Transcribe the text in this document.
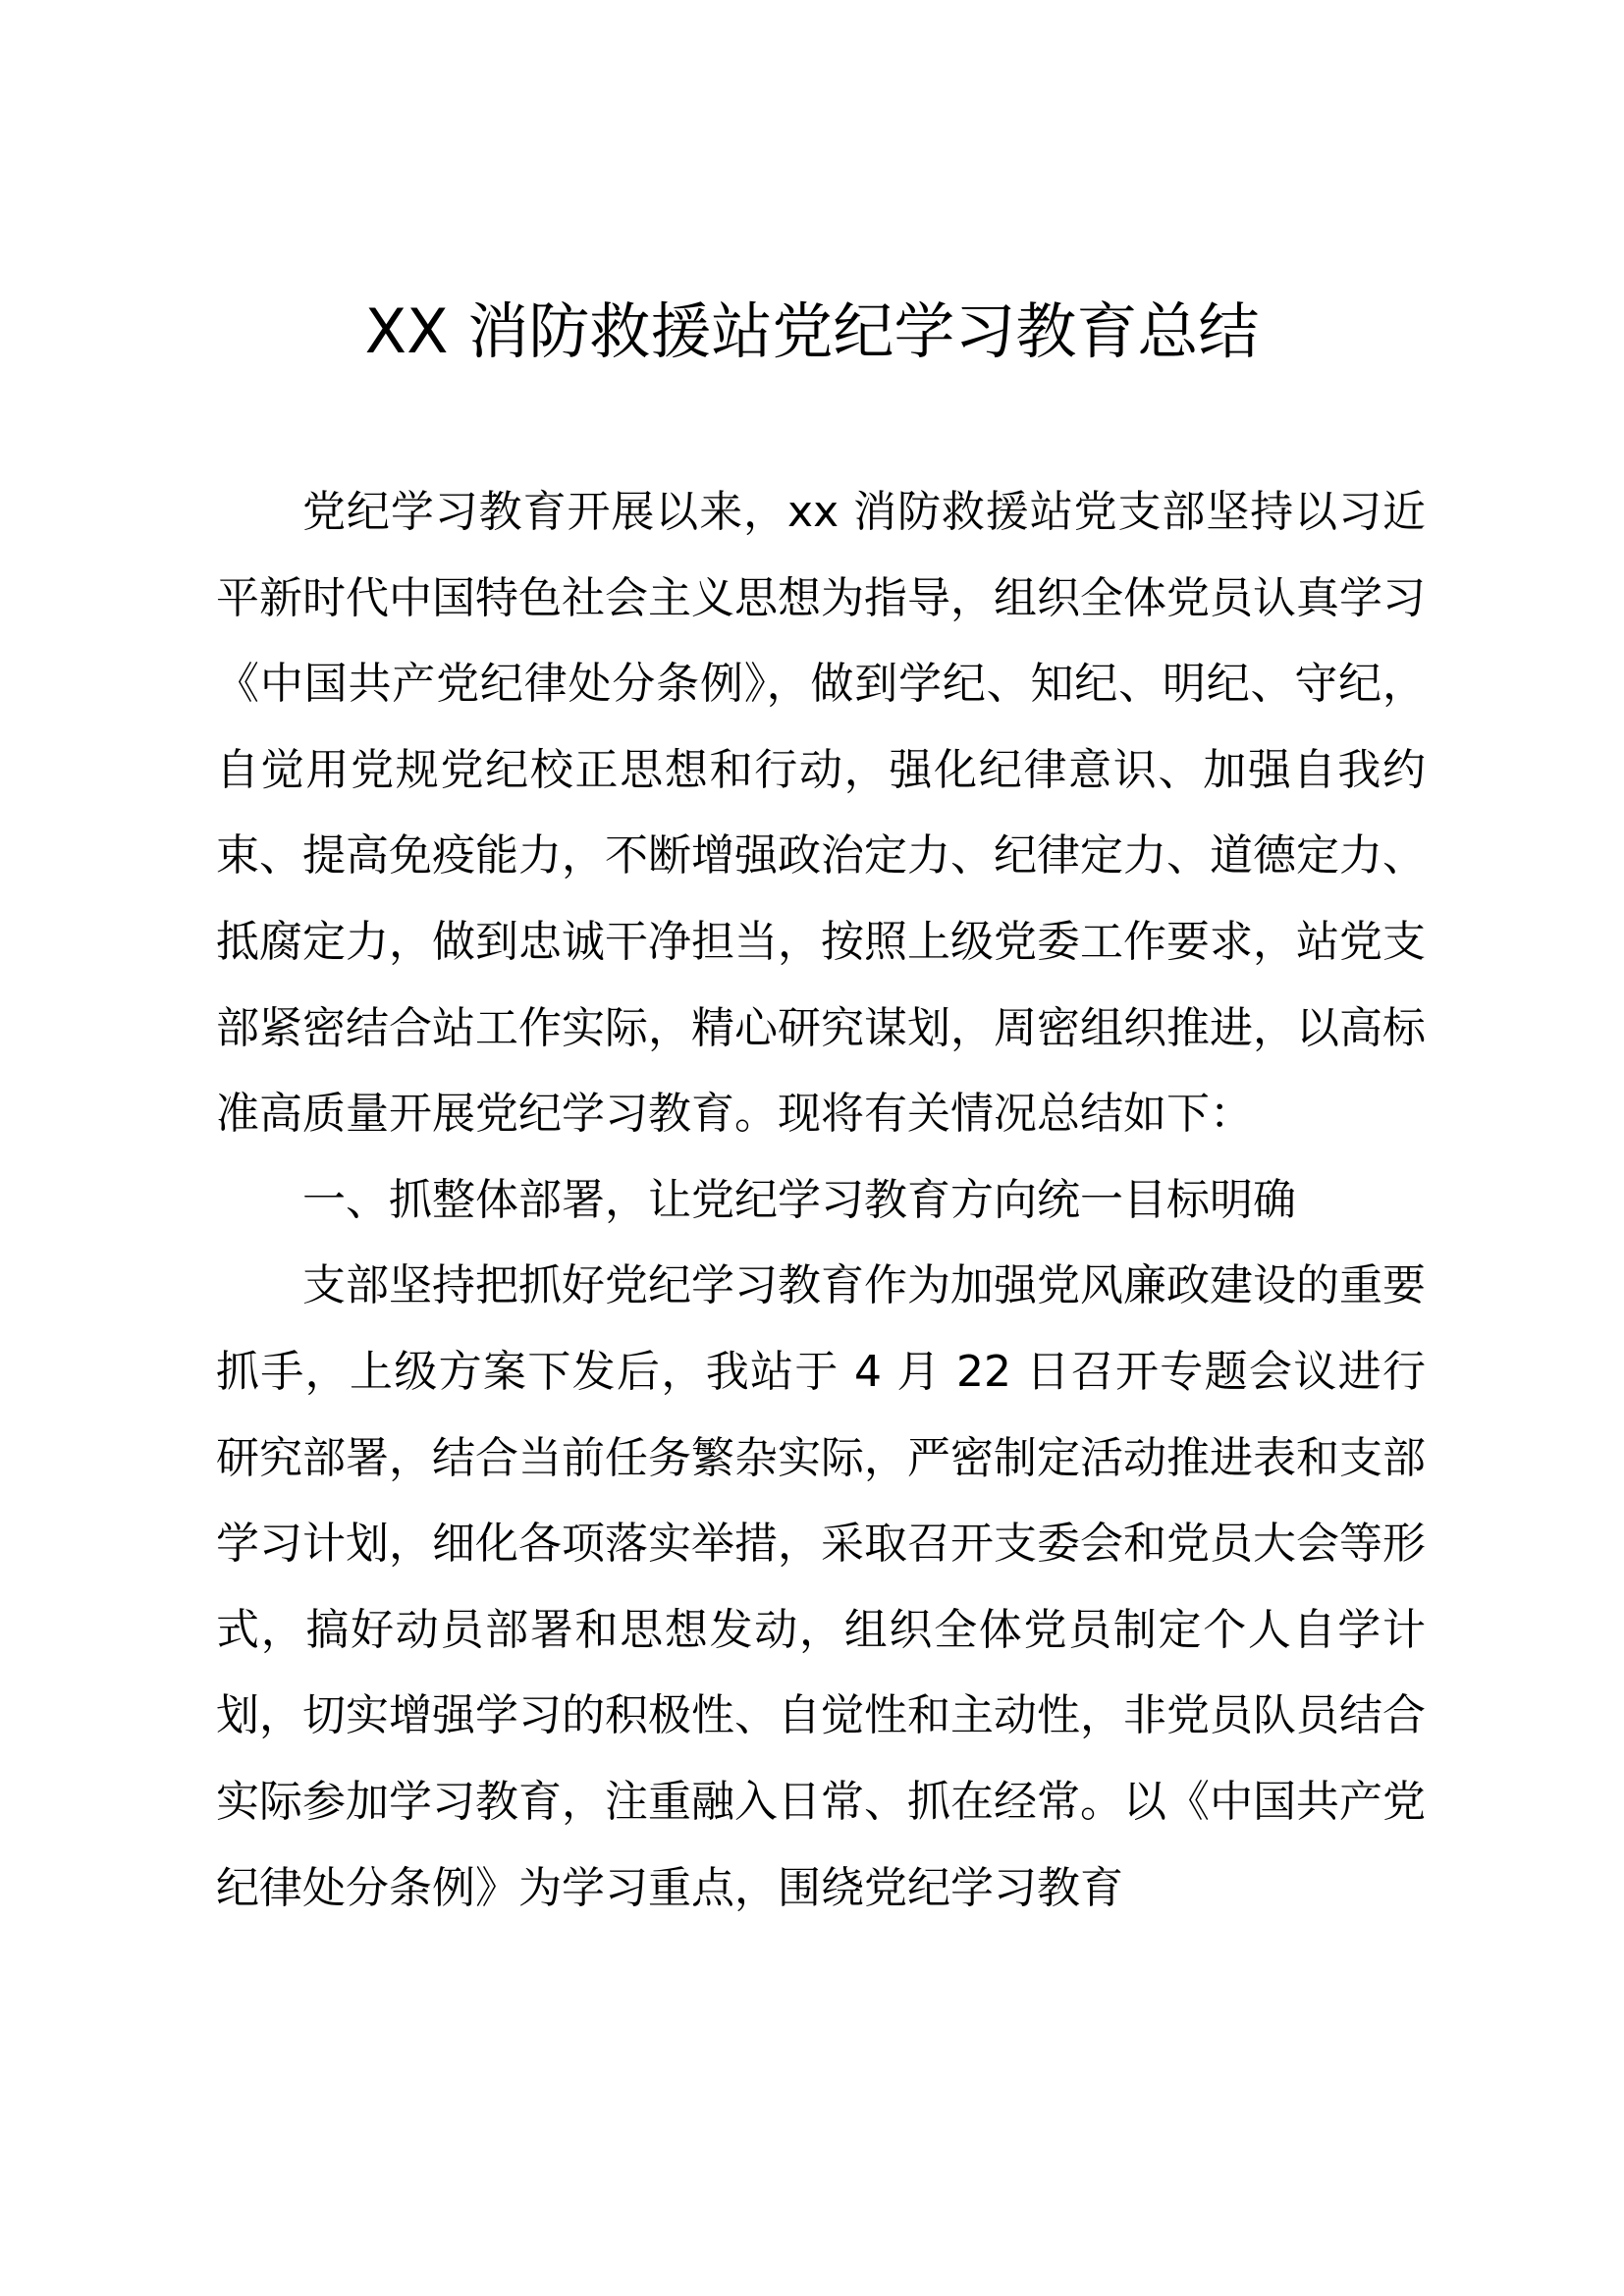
XX 消防救援站党纪学习教育总结

党纪学习教育开展以来，xx 消防救援站党支部坚持以习近平新时代中国特色社会主义思想为指导，组织全体党员认真学习《中国共产党纪律处分条例》，做到学纪、知纪、明纪、守纪，自觉用党规党纪校正思想和行动，强化纪律意识、加强自我约束、提高免疫能力，不断增强政治定力、纪律定力、道德定力、抵腐定力，做到忠诚干净担当，按照上级党委工作要求，站党支部紧密结合站工作实际，精心研究谋划，周密组织推进，以高标准高质量开展党纪学习教育。现将有关情况总结如下：

一、抓整体部署，让党纪学习教育方向统一目标明确

支部坚持把抓好党纪学习教育作为加强党风廉政建设的重要抓手，上级方案下发后，我站于 4 月 22 日召开专题会议进行研究部署，结合当前任务繁杂实际，严密制定活动推进表和支部学习计划，细化各项落实举措，采取召开支委会和党员大会等形式，搞好动员部署和思想发动，组织全体党员制定个人自学计划，切实增强学习的积极性、自觉性和主动性，非党员队员结合实际参加学习教育，注重融入日常、抓在经常。以《中国共产党纪律处分条例》为学习重点，围绕党纪学习教育
